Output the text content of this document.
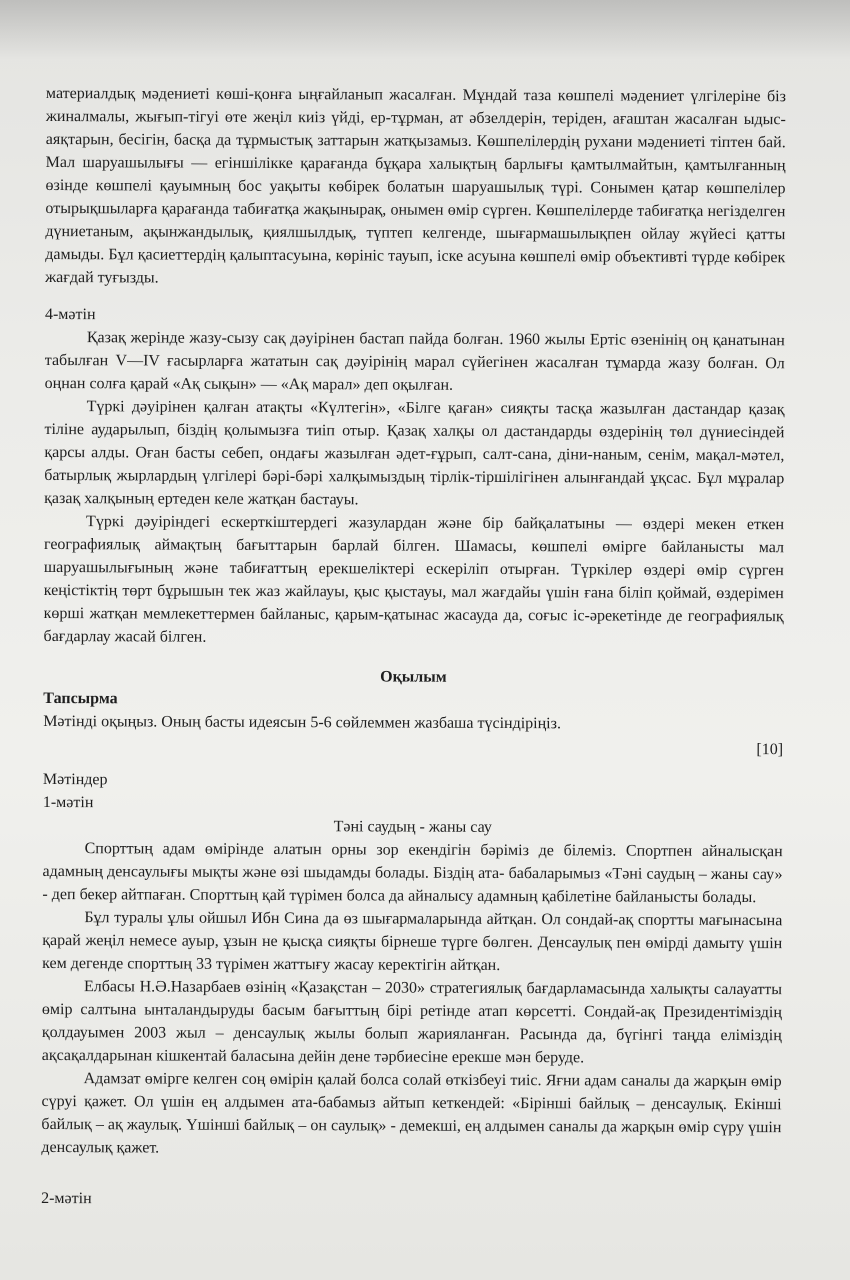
материалдық мәдениеті көші-қонға ыңғайланып жасалған. Мұндай таза көшпелі мәдениет үлгілеріне біз жиналмалы, жығып-тігуі өте жеңіл киіз үйді, ер-тұрман, ат әбзелдерін, теріден, ағаштан жасалған ыдыс-аяқтарын, бесігін, басқа да тұрмыстық заттарын жатқызамыз. Көшпелілердің рухани мәдениеті тіптен бай. Мал шаруашылығы — егіншілікке қарағанда бұқара халықтың барлығы қамтылмайтын, қамтылғанның өзінде көшпелі қауымның бос уақыты көбірек болатын шаруашылық түрі. Сонымен қатар көшпелілер отырықшыларға қарағанда табиғатқа жақынырақ, онымен өмір сүрген. Көшпелілерде табиғатқа негізделген дүниетаным, ақынжандылық, қиялшылдық, түптеп келгенде, шығармашылықпен ойлау жүйесі қатты дамыды. Бұл қасиеттердің қалыптасуына, көрініс тауып, іске асуына көшпелі өмір объективті түрде көбірек жағдай туғызды.

4-мәтін

Қазақ жерінде жазу-сызу сақ дәуірінен бастап пайда болған. 1960 жылы Ертіс өзенінің оң қанатынан табылған V—IV ғасырларға жататын сақ дәуірінің марал сүйегінен жасалған тұмарда жазу болған. Ол оңнан солға қарай «Ақ сықын» — «Ақ марал» деп оқылған.

Түркі дәуірінен қалған атақты «Күлтегін», «Білге қаған» сияқты тасқа жазылған дастандар қазақ тіліне аударылып, біздің қолымызға тиіп отыр. Қазақ халқы ол дастандарды өздерінің төл дүниесіндей қарсы алды. Оған басты себеп, ондағы жазылған әдет-ғұрып, салт-сана, діни-наным, сенім, мақал-мәтел, батырлық жырлардың үлгілері бәрі-бәрі халқымыздың тірлік-тіршілігінен алынғандай ұқсас. Бұл мұралар қазақ халқының ертеден келе жатқан бастауы.

Түркі дәуіріндегі ескерткіштердегі жазулардан және бір байқалатыны — өздері мекен еткен географиялық аймақтың бағыттарын барлай білген. Шамасы, көшпелі өмірге байланысты мал шаруашылығының және табиғаттың ерекшеліктері ескеріліп отырған. Түркілер өздері өмір сүрген кеңістіктің төрт бұрышын тек жаз жайлауы, қыс қыстауы, мал жағдайы үшін ғана біліп қоймай, өздерімен көрші жатқан мемлекеттермен байланыс, қарым-қатынас жасауда да, соғыс іс-әрекетінде де географиялық бағдарлау жасай білген.

Оқылым

Тапсырма

Мәтінді оқыңыз. Оның басты идеясын 5-6 сөйлеммен жазбаша түсіндіріңіз.

[10]

Мәтіндер

1-мәтін

Тәні саудың - жаны сау

Спорттың адам өмірінде алатын орны зор екендігін бәріміз де білеміз. Спортпен айналысқан адамның денсаулығы мықты және өзі шыдамды болады. Біздің ата- бабаларымыз «Тәні саудың – жаны сау» - деп бекер айтпаған. Спорттың қай түрімен болса да айналысу адамның қабілетіне байланысты болады.

Бұл туралы ұлы ойшыл Ибн Сина да өз шығармаларында айтқан. Ол сондай-ақ спортты мағынасына қарай жеңіл немесе ауыр, ұзын не қысқа сияқты бірнеше түрге бөлген. Денсаулық пен өмірді дамыту үшін кем дегенде спорттың 33 түрімен жаттығу жасау керектігін айтқан.

Елбасы Н.Ә.Назарбаев өзінің «Қазақстан – 2030» стратегиялық бағдарламасында халықты салауатты өмір салтына ынталандыруды басым бағыттың бірі ретінде атап көрсетті. Сондай-ақ Президентіміздің қолдауымен 2003 жыл – денсаулық жылы болып жарияланған. Расында да, бүгінгі таңда еліміздің ақсақалдарынан кішкентай баласына дейін дене тәрбиесіне ерекше мән беруде.

Адамзат өмірге келген соң өмірін қалай болса солай өткізбеуі тиіс. Яғни адам саналы да жарқын өмір сүруі қажет. Ол үшін ең алдымен ата-бабамыз айтып кеткендей: «Бірінші байлық – денсаулық. Екінші байлық – ақ жаулық. Үшінші байлық – он саулық» - демекші, ең алдымен саналы да жарқын өмір сүру үшін денсаулық қажет.

2-мәтін
